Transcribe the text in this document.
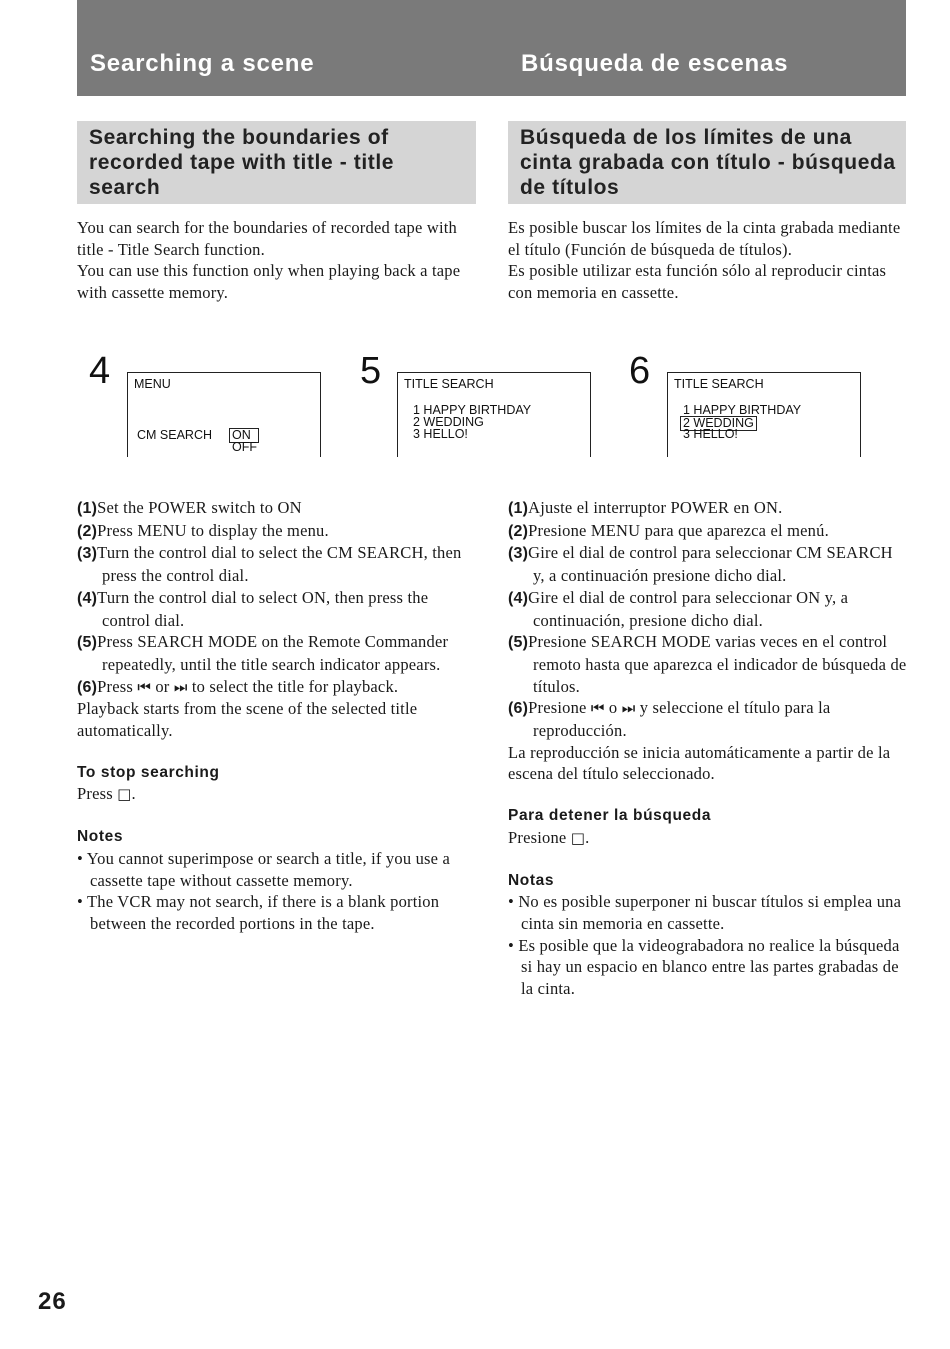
Searching a scene	Búsqueda de escenas
Searching the boundaries of recorded tape with title - title search
Búsqueda de los límites de una cinta grabada con título - búsqueda de títulos

You can search for the boundaries of recorded tape with title - Title Search function.

You can use this function only when playing back a tape with cassette memory.

Es posible buscar los límites de la cinta grabada mediante el título (Función de búsqueda de títulos).

Es posible utilizar esta función sólo al reproducir cintas con memoria en cassette.

4 MENU
CM SEARCH ON
OFF
5 TITLE SEARCH
1 HAPPY BIRTHDAY
2 WEDDING
3 HELLO!
6 TITLE SEARCH
1 HAPPY BIRTHDAY
2 WEDDING
3 HELLO!

(1)Set the POWER switch to ON

(2)Press MENU to display the menu.

(3)Turn the control dial to select the CM SEARCH, then press the control dial.

(4)Turn the control dial to select ON, then press the control dial.

(5)Press SEARCH MODE on the Remote Commander repeatedly, until the title search indicator appears.

(6)Press ⏮ or ⏭ to select the title for playback.

Playback starts from the scene of the selected title automatically.

To stop searching

Press □.

Notes

• You cannot superimpose or search a title, if you use a cassette tape without cassette memory.

• The VCR may not search, if there is a blank portion between the recorded portions in the tape.

(1)Ajuste el interruptor POWER en ON.

(2)Presione MENU para que aparezca el menú.

(3)Gire el dial de control para seleccionar CM SEARCH y, a continuación presione dicho dial.

(4)Gire el dial de control para seleccionar ON y, a continuación, presione dicho dial.

(5)Presione SEARCH MODE varias veces en el control remoto hasta que aparezca el indicador de búsqueda de títulos.

(6)Presione ⏮ o ⏭ y seleccione el título para la reproducción.

La reproducción se inicia automáticamente a partir de la escena del título seleccionado.

Para detener la búsqueda

Presione □.

Notas

• No es posible superponer ni buscar títulos si emplea una cinta sin memoria en cassette.

• Es posible que la videograbadora no realice la búsqueda si hay un espacio en blanco entre las partes grabadas de la cinta.

26
